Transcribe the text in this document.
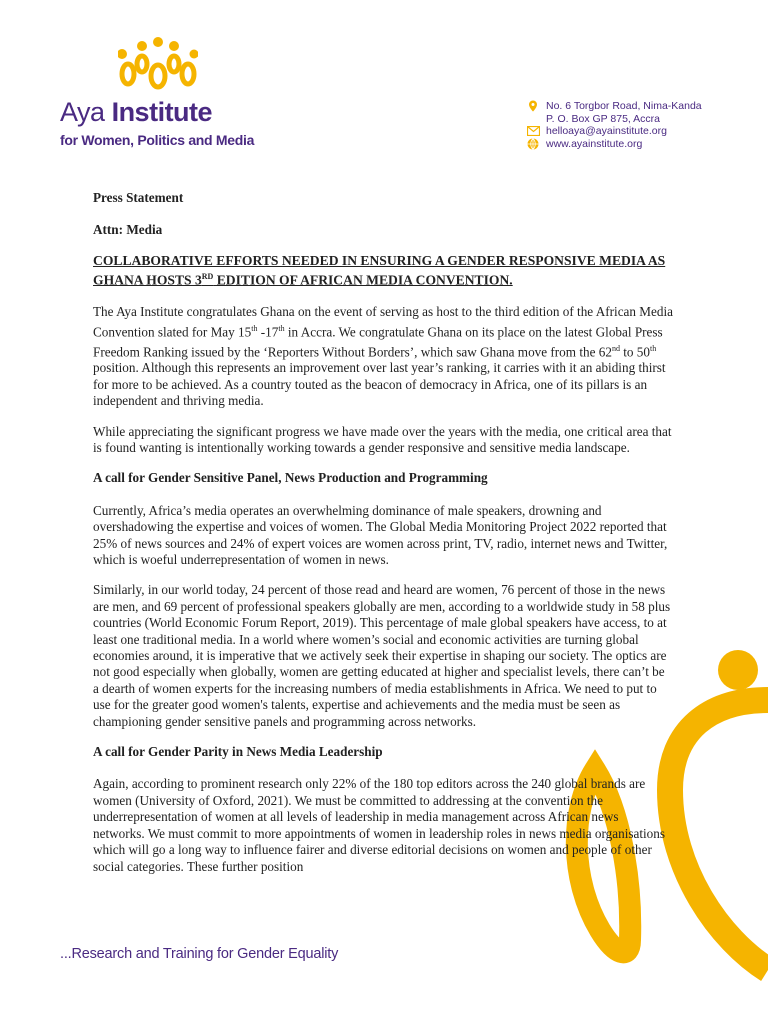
Aya Institute
for Women, Politics and Media
No. 6 Torgbor Road, Nima-Kanda
P. O. Box GP 875, Accra
helloaya@ayainstitute.org
www.ayainstitute.org

Press Statement

Attn: Media

COLLABORATIVE EFFORTS NEEDED IN ENSURING A GENDER RESPONSIVE MEDIA AS GHANA HOSTS 3RD EDITION OF AFRICAN MEDIA CONVENTION.

The Aya Institute congratulates Ghana on the event of serving as host to the third edition of the African Media Convention slated for May 15th -17th in Accra. We congratulate Ghana on its place on the latest Global Press Freedom Ranking issued by the ‘Reporters Without Borders’, which saw Ghana move from the 62nd to 50th position. Although this represents an improvement over last year’s ranking, it carries with it an abiding thirst for more to be achieved. As a country touted as the beacon of democracy in Africa, one of its pillars is an independent and thriving media.

While appreciating the significant progress we have made over the years with the media, one critical area that is found wanting is intentionally working towards a gender responsive and sensitive media landscape.

A call for Gender Sensitive Panel, News Production and Programming

Currently, Africa’s media operates an overwhelming dominance of male speakers, drowning and overshadowing the expertise and voices of women. The Global Media Monitoring Project 2022 reported that 25% of news sources and 24% of expert voices are women across print, TV, radio, internet news and Twitter, which is woeful underrepresentation of women in news.

Similarly, in our world today, 24 percent of those read and heard are women, 76 percent of those in the news are men, and 69 percent of professional speakers globally are men, according to a worldwide study in 58 plus countries (World Economic Forum Report, 2019). This percentage of male global speakers have access, to at least one traditional media. In a world where women’s social and economic activities are turning global economies around, it is imperative that we actively seek their expertise in shaping our society. The optics are not good especially when globally, women are getting educated at higher and specialist levels, there can’t be a dearth of women experts for the increasing numbers of media establishments in Africa. We need to put to use for the greater good women's talents, expertise and achievements and the media must be seen as championing gender sensitive panels and programming across networks.

A call for Gender Parity in News Media Leadership

Again, according to prominent research only 22% of the 180 top editors across the 240 global brands are women (University of Oxford, 2021). We must be committed to addressing at the convention the underrepresentation of women at all levels of leadership in media management across African news networks. We must commit to more appointments of women in leadership roles in news media organisations which will go a long way to influence fairer and diverse editorial decisions on women and people of other social categories. These further position

...Research and Training for Gender Equality
